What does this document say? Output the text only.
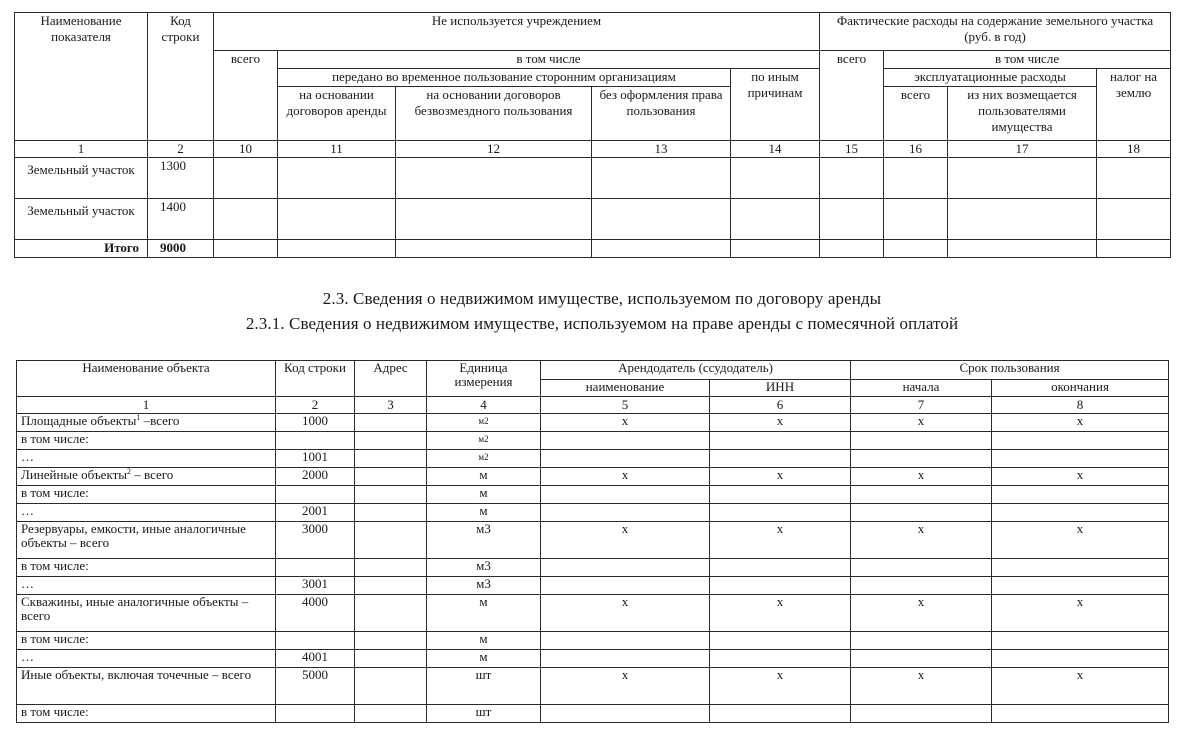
Наименование показателя	Код строки	Не используется учреждением					Фактические расходы на содержание земельного участка (руб. в год)			
		всего	в том числе				всего	в том числе		
			передано во временное пользование сторонним организациям			по иным причинам		эксплуатационные расходы		налог на землю
			на основании договоров аренды	на основании договоров безвозмездного пользования	без оформления права пользования			всего	из них возмещается пользователями имущества	
1	2	10	11	12	13	14	15	16	17	18
Земельный участок	1300									
Земельный участок	1400									
Итого	9000									
2.3. Сведения о недвижимом имуществе, используемом по договору аренды
2.3.1. Сведения о недвижимом имуществе, используемом на праве аренды с помесячной оплатой
Наименование объекта	Код строки	Адрес	Единица измерения	Арендодатель (ссудодатель)		Срок пользования	
				наименование	ИНН	начала	окончания
1	2	3	4	5	6	7	8
Площадные объекты$^1$ –всего	1000		м2	x	x	x	x
в том числе:			м2				
…	1001		м2				
Линейные объекты$^2$ – всего	2000		м	x	x	x	x
в том числе:			м				
…	2001		м				
Резервуары, емкости, иные аналогичные объекты – всего	3000		м3	x	x	x	x
в том числе:			м3				
…	3001		м3				
Скважины, иные аналогичные объекты – всего	4000		м	x	x	x	x
в том числе:			м				
…	4001		м				
Иные объекты, включая точечные – всего	5000		шт	x	x	x	x
в том числе:			шт				
